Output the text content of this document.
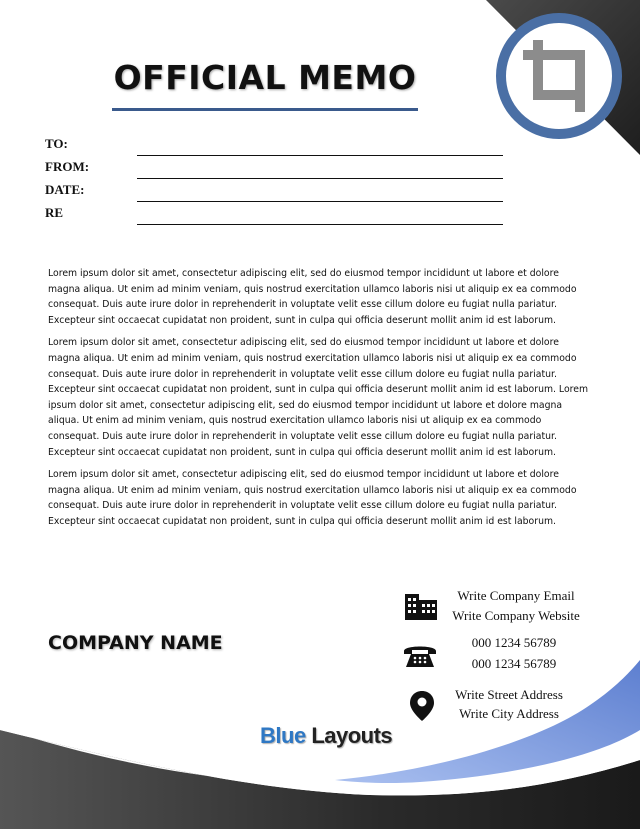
OFFICIAL MEMO
TO:
FROM:
DATE:
RE

Lorem ipsum dolor sit amet, consectetur adipiscing elit, sed do eiusmod tempor incididunt ut labore et dolore magna aliqua. Ut enim ad minim veniam, quis nostrud exercitation ullamco laboris nisi ut aliquip ex ea commodo consequat. Duis aute irure dolor in reprehenderit in voluptate velit esse cillum dolore eu fugiat nulla pariatur. Excepteur sint occaecat cupidatat non proident, sunt in culpa qui officia deserunt mollit anim id est laborum.

Lorem ipsum dolor sit amet, consectetur adipiscing elit, sed do eiusmod tempor incididunt ut labore et dolore magna aliqua. Ut enim ad minim veniam, quis nostrud exercitation ullamco laboris nisi ut aliquip ex ea commodo consequat. Duis aute irure dolor in reprehenderit in voluptate velit esse cillum dolore eu fugiat nulla pariatur. Excepteur sint occaecat cupidatat non proident, sunt in culpa qui officia deserunt mollit anim id est laborum. Lorem ipsum dolor sit amet, consectetur adipiscing elit, sed do eiusmod tempor incididunt ut labore et dolore magna aliqua. Ut enim ad minim veniam, quis nostrud exercitation ullamco laboris nisi ut aliquip ex ea commodo consequat. Duis aute irure dolor in reprehenderit in voluptate velit esse cillum dolore eu fugiat nulla pariatur. Excepteur sint occaecat cupidatat non proident, sunt in culpa qui officia deserunt mollit anim id est laborum.

Lorem ipsum dolor sit amet, consectetur adipiscing elit, sed do eiusmod tempor incididunt ut labore et dolore magna aliqua. Ut enim ad minim veniam, quis nostrud exercitation ullamco laboris nisi ut aliquip ex ea commodo consequat. Duis aute irure dolor in reprehenderit in voluptate velit esse cillum dolore eu fugiat nulla pariatur. Excepteur sint occaecat cupidatat non proident, sunt in culpa qui officia deserunt mollit anim id est laborum.

COMPANY NAME
Write Company Email
Write Company Website
000 1234 56789
000 1234 56789
Write Street Address
Write City Address
Blue Layouts
